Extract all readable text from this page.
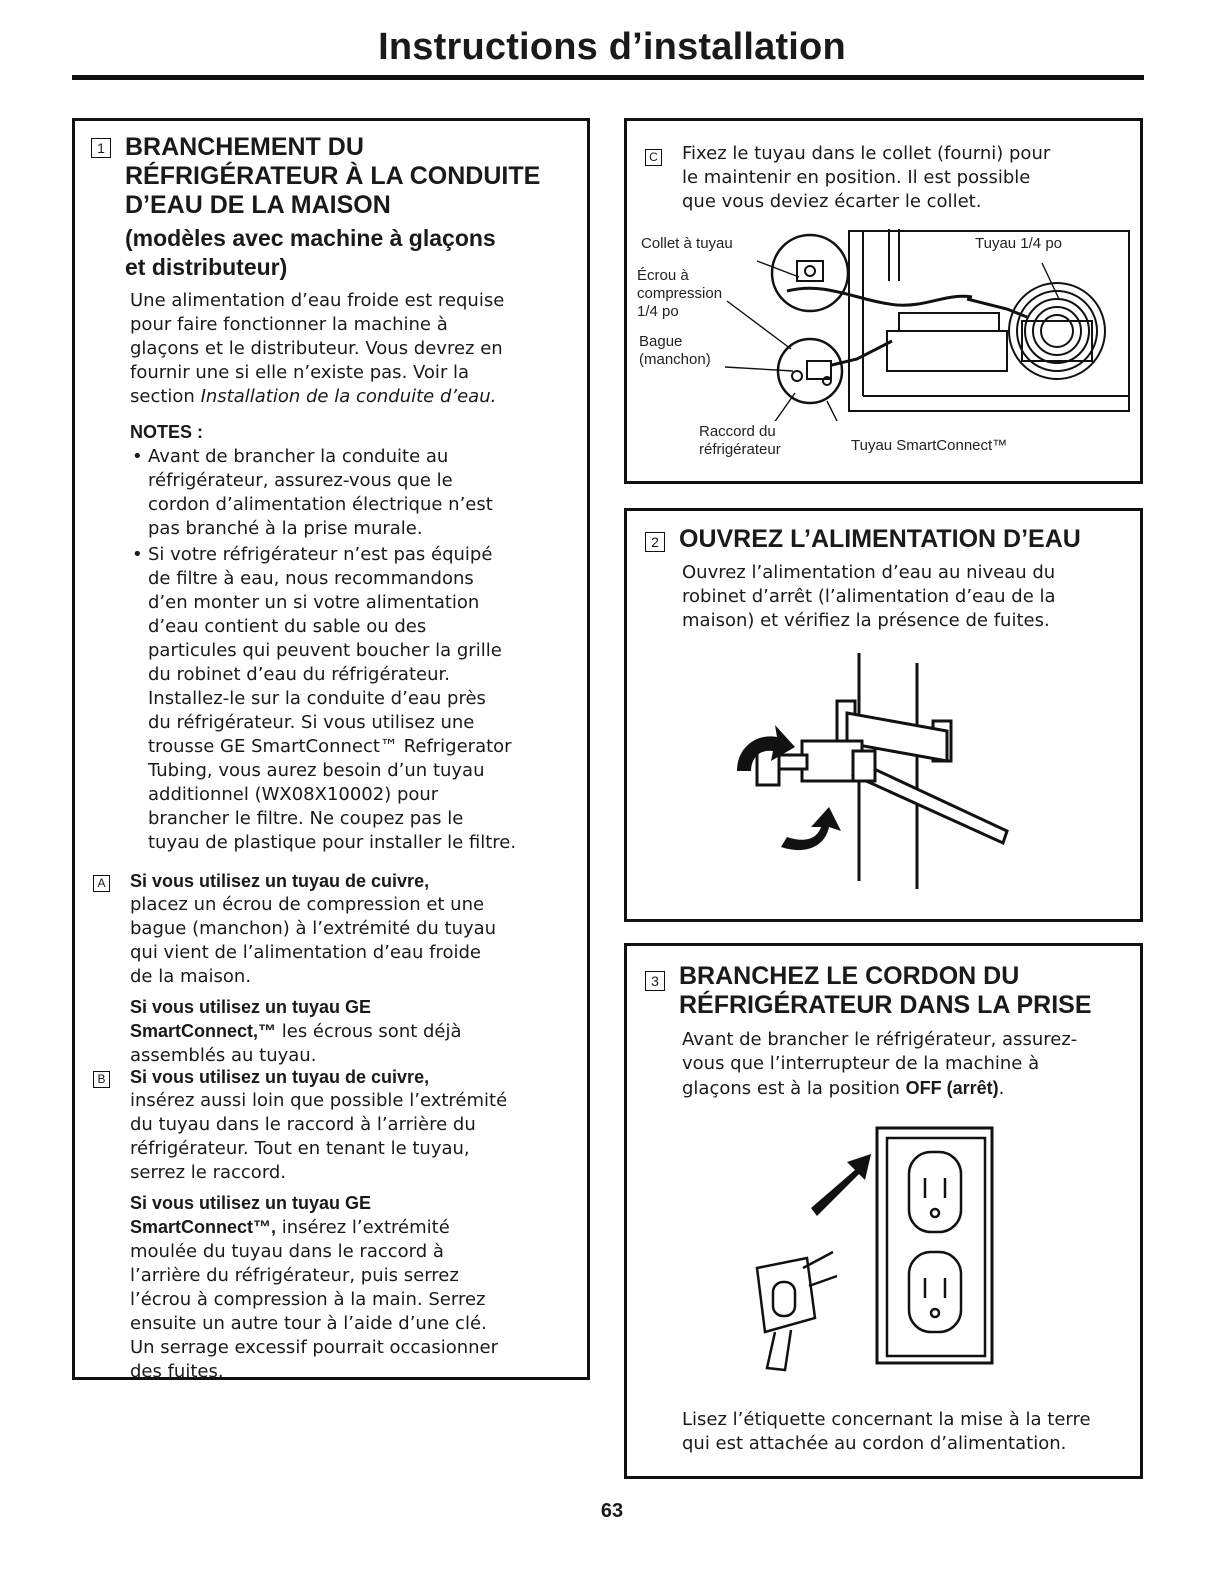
Instructions d’installation
1 BRANCHEMENT DU
RÉFRIGÉRATEUR À LA CONDUITE
D’EAU DE LA MAISON
(modèles avec machine à glaçons
et distributeur)

Une alimentation d’eau froide est requise

pour faire fonctionner la machine à

glaçons et le distributeur. Vous devrez en

fournir une si elle n’existe pas. Voir la

section Installation de la conduite d’eau.

NOTES :
• Avant de brancher la conduite au
réfrigérateur, assurez-vous que le
cordon d’alimentation électrique n’est
pas branché à la prise murale.
• Si votre réfrigérateur n’est pas équipé
de filtre à eau, nous recommandons
d’en monter un si votre alimentation
d’eau contient du sable ou des
particules qui peuvent boucher la grille
du robinet d’eau du réfrigérateur.
Installez-le sur la conduite d’eau près
du réfrigérateur. Si vous utilisez une
trousse GE SmartConnect™ Refrigerator
Tubing, vous aurez besoin d’un tuyau
additionnel (WX08X10002) pour
brancher le filtre. Ne coupez pas le
tuyau de plastique pour installer le filtre.
A Si vous utilisez un tuyau de cuivre,

placez un écrou de compression et une

bague (manchon) à l’extrémité du tuyau

qui vient de l’alimentation d’eau froide

de la maison.

Si vous utilisez un tuyau GE

SmartConnect,™ les écrous sont déjà

assemblés au tuyau.

B Si vous utilisez un tuyau de cuivre,

insérez aussi loin que possible l’extrémité

du tuyau dans le raccord à l’arrière du

réfrigérateur. Tout en tenant le tuyau,

serrez le raccord.

Si vous utilisez un tuyau GE

SmartConnect™, insérez l’extrémité

moulée du tuyau dans le raccord à

l’arrière du réfrigérateur, puis serrez

l’écrou à compression à la main. Serrez

ensuite un autre tour à l’aide d’une clé.

Un serrage excessif pourrait occasionner

des fuites.

C Fixez le tuyau dans le collet (fourni) pour

le maintenir en position. Il est possible

que vous deviez écarter le collet.

Collet à tuyau
Écrou à
compression
1/4 po
Bague
(manchon)
Tuyau 1/4 po
Raccord du
réfrigérateur	Tuyau SmartConnect™
2 OUVREZ L’ALIMENTATION D’EAU

Ouvrez l’alimentation d’eau au niveau du

robinet d’arrêt (l’alimentation d’eau de la

maison) et vérifiez la présence de fuites.

3 BRANCHEZ LE CORDON DU
RÉFRIGÉRATEUR DANS LA PRISE

Avant de brancher le réfrigérateur, assurez-

vous que l’interrupteur de la machine à

glaçons est à la position OFF (arrêt).

Lisez l’étiquette concernant la mise à la terre

qui est attachée au cordon d’alimentation.

63
